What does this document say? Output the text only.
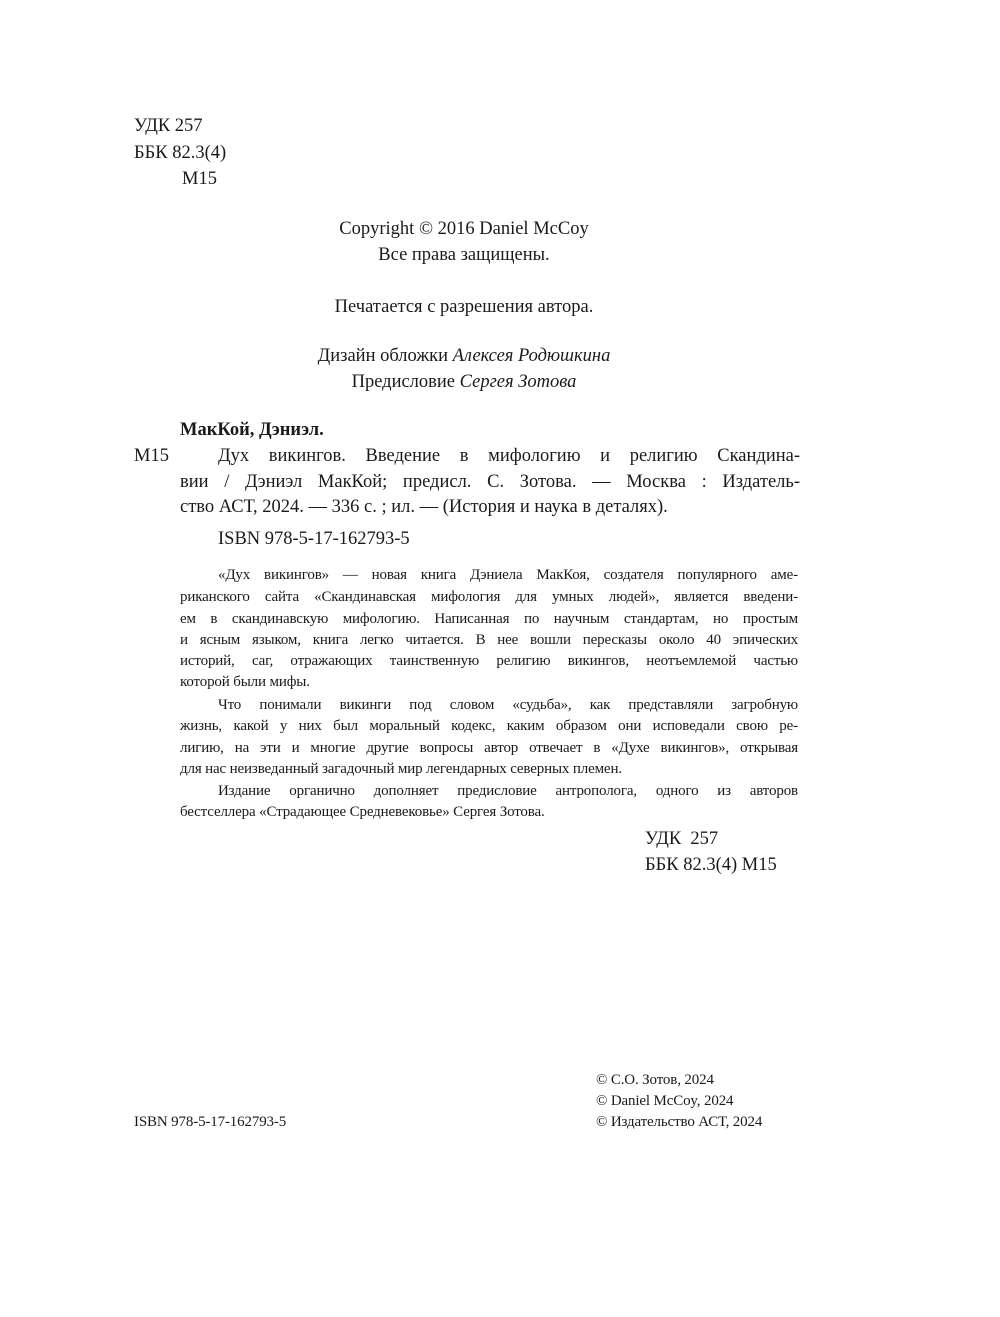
УДК 257
ББК 82.3(4)
М15
Copyright © 2016 Daniel McCoy
Все права защищены.
Печатается с разрешения автора.
Дизайн обложки Алексея Родюшкина
Предисловие Сергея Зотова
МакКой, Дэниэл.
М15	Дух викингов. Введение в мифологию и религию Скандина-
вии / Дэниэл МакКой; предисл. С. Зотова. — Москва : Издатель-
ство АСТ, 2024. — 336 с. ; ил. — (История и наука в деталях).
ISBN 978-5-17-162793-5
«Дух викингов» — новая книга Дэниела МакКоя, создателя популярного аме-
риканского сайта «Скандинавская мифология для умных людей», является введени-
ем в скандинавскую мифологию. Написанная по научным стандартам, но простым
и ясным языком, книга легко читается. В нее вошли пересказы около 40 эпических
историй, саг, отражающих таинственную религию викингов, неотъемлемой частью
которой были мифы.
Что понимали викинги под словом «судьба», как представляли загробную
жизнь, какой у них был моральный кодекс, каким образом они исповедали свою ре-
лигию, на эти и многие другие вопросы автор отвечает в «Духе викингов», открывая
для нас неизведанный загадочный мир легендарных северных племен.
Издание органично дополняет предисловие антрополога, одного из авторов
бестселлера «Страдающее Средневековье» Сергея Зотова.
УДК  257
ББК 82.3(4) М15
ISBN 978-5-17-162793-5
© С.О. Зотов, 2024
© Daniel McCoy, 2024
© Издательство АСТ, 2024
